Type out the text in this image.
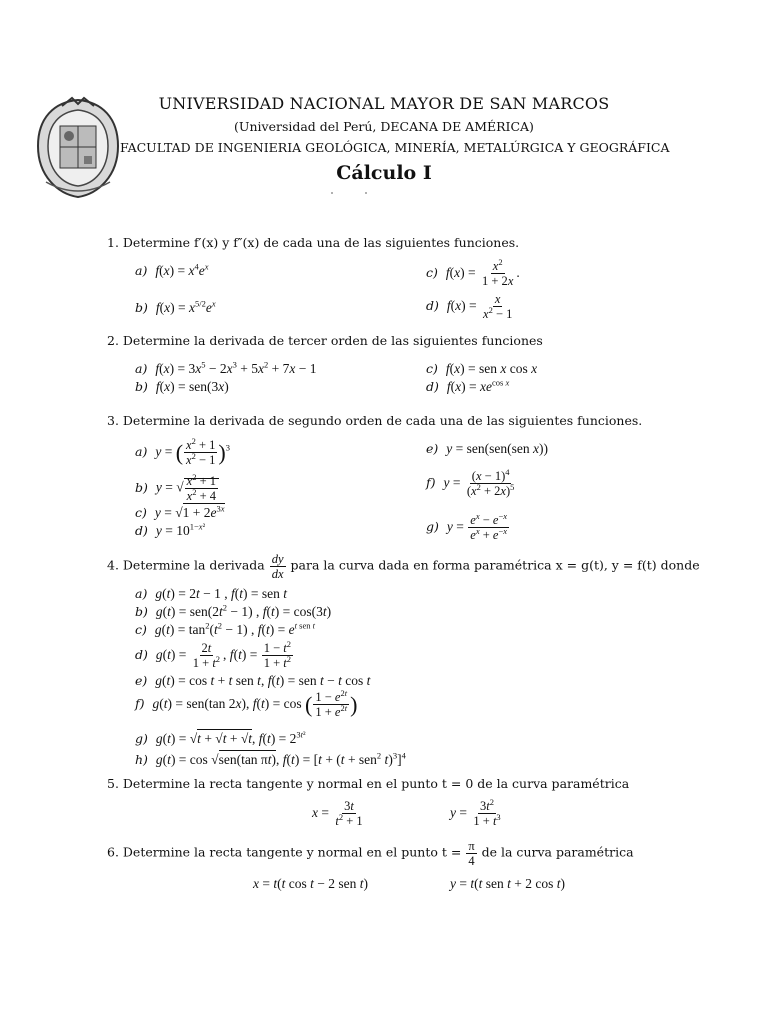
UNIVERSIDAD NACIONAL MAYOR DE SAN MARCOS
(Universidad del Perú, DECANA DE AMÉRICA)
FACULTAD DE INGENIERIA GEOLÓGICA, MINERÍA, METALÚRGICA Y GEOGRÁFICA
Cálculo I
1. Determine f′(x) y f″(x) de cada una de las siguientes funciones.
a) $f(x) = x^4e^x$
b) $f(x) = x^{5/2}e^x$
c) $f(x) = \frac{x^2}{1 + 2x}$ .
d) $f(x) = \frac{x}{x^2 - 1}$
2. Determine la derivada de tercer orden de las siguientes funciones
a) $f(x) = 3x^5 - 2x^3 + 5x^2 + 7x - 1$
b) f(x) = sen(3x)
c) f(x) = sen x cos x
d) $f(x) = xe^{cos x}$
3. Determine la derivada de segundo orden de cada una de las siguientes funciones.
a) y = ( $\frac{x^2 + 1}{x^2 - 1} )^3$
b) y = √ $\frac{x^2 + 1}{x^2 + 4}$
c) $y = √1 + 2e^{3x}$
d) $y = 10^{1-x^2}$
e) y = sen(sen(sen x))
f) $y = \frac{(x - 1)^4}{(x^2 + 2x)^5}$
g) $y = \frac{e^x - e^{-x}}{e^x + e^{-x}}$
4. Determine la derivada $\frac{dy}{dx}$ para la curva dada en forma paramétrica x = g(t), y = f(t) donde
a) g(t) = 2t − 1 , f(t) = sen t
b) $g(t) = sen(2t^2 - 1)$ , f(t) = cos(3t)
c) $g(t) = \tan^2(t^2 - 1)$ , $f(t) = e^{t sen t}$
d) $g(t) = \frac{2t}{1 + t^2}$ , $f(t) = \frac{1 - t^2}{1 + t^2}$
e) g(t) = cos t + t sen t, f(t) = sen t − t cos t
f) g(t) = sen(tan 2x), f(t) = cos ( $\frac{1 - e^{2t}}{1 + e^{2t}}$ )
g) g(t) = √t + √t + √t, $f(t) = 2^{3t^2}$
h) g(t) = cos √sen(tan πt), f(t) = [t + (t + sen$^2$ t)$^3$]$^4$
5. Determine la recta tangente y normal en el punto t = 0 de la curva paramétrica
$x = \frac{3t}{t^2 + 1}$	$y = \frac{3t^2}{1 + t^3}$
6. Determine la recta tangente y normal en el punto $t = \frac{\pi}{4}$ de la curva paramétrica
x = t(t cos t − 2 sen t)	y = t(t sen t + 2 cos t)
